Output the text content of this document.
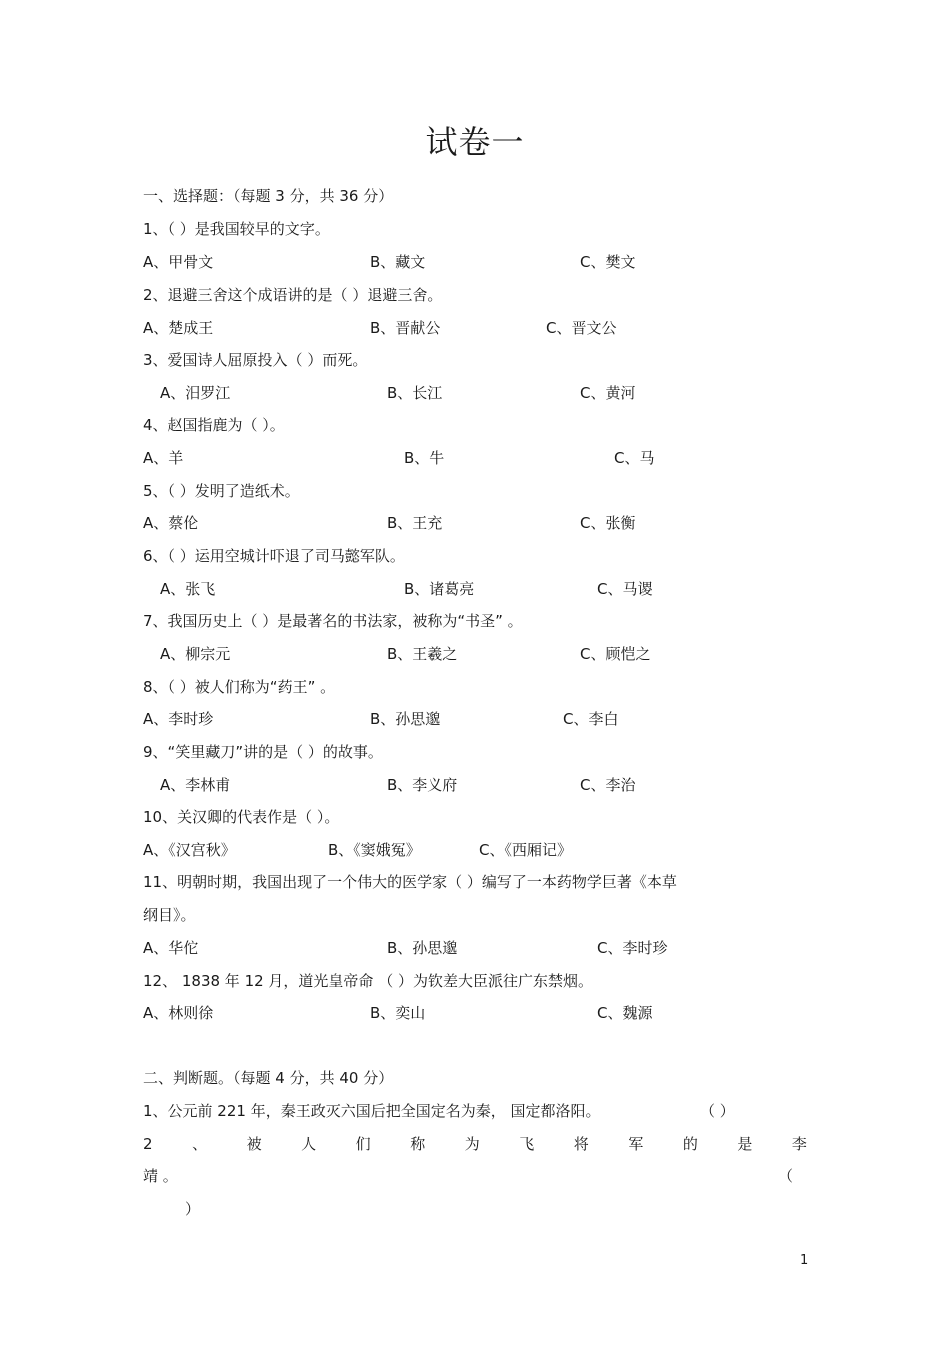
试卷一
一、选择题：（每题 3 分，共 36 分）
1、（ ）是我国较早的文字。
A、甲骨文	B、藏文	C、樊文
2、退避三舍这个成语讲的是（ ）退避三舍。
A、楚成王	B、晋献公	C、晋文公
3、爱国诗人屈原投入（ ）而死。
A、汨罗江	B、长江	C、黄河
4、赵国指鹿为（ ）。
A、羊	B、牛	C、马
5、（ ）发明了造纸术。
A、蔡伦	B、王充	C、张衡
6、（ ）运用空城计吓退了司马懿军队。
A、张飞	B、诸葛亮	C、马谡
7、我国历史上（ ）是最著名的书法家，被称为“书圣” 。
A、柳宗元	B、王羲之	C、顾恺之
8、（ ）被人们称为“药王” 。
A、李时珍	B、孙思邈	C、李白
9、“笑里藏刀”讲的是（ ）的故事。
A、李林甫	B、李义府	C、李治
10、关汉卿的代表作是（ ）。
A、《汉宫秋》	B、《窦娥冤》	C、《西厢记》
11、明朝时期，我国出现了一个伟大的医学家（ ）编写了一本药物学巨著《本草
纲目》。
A、华佗	B、孙思邈	C、李时珍
12、 1838 年 12 月，道光皇帝命 （ ）为钦差大臣派往广东禁烟。
A、林则徐	B、奕山	C、魏源
二、判断题。（每题 4 分，共 40 分）
1、公元前 221 年，秦王政灭六国后把全国定名为秦， 国定都洛阳。	（ ）
2	、	被	人	们	称	为	飞	将	军	的	是	李
靖 。	（
）
1
